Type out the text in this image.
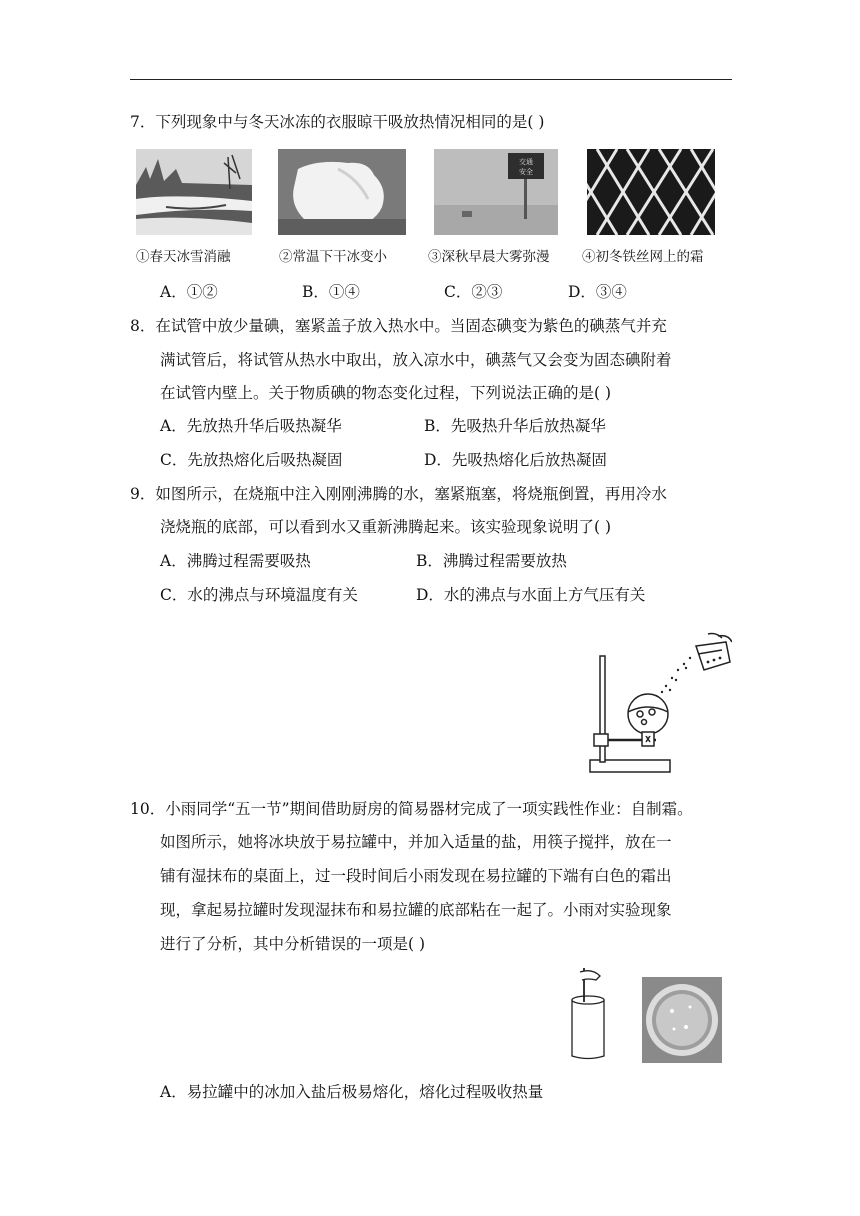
7．下列现象中与冬天冰冻的衣服晾干吸放热情况相同的是( )
交通
安全
①春天冰雪消融	②常温下干冰变小	③深秋早晨大雾弥漫 ④初冬铁丝网上的霜
A．①②	B．①④	C．②③	D．③④
8．在试管中放少量碘，塞紧盖子放入热水中。当固态碘变为紫色的碘蒸气并充
满试管后，将试管从热水中取出，放入凉水中，碘蒸气又会变为固态碘附着
在试管内壁上。关于物质碘的物态变化过程，下列说法正确的是( )
A．先放热升华后吸热凝华	B．先吸热升华后放热凝华
C．先放热熔化后吸热凝固	D．先吸热熔化后放热凝固
9．如图所示，在烧瓶中注入刚刚沸腾的水，塞紧瓶塞，将烧瓶倒置，再用冷水
浇烧瓶的底部，可以看到水又重新沸腾起来。该实验现象说明了( )
A．沸腾过程需要吸热	B．沸腾过程需要放热
C．水的沸点与环境温度有关	D．水的沸点与水面上方气压有关
10．小雨同学“五一节”期间借助厨房的简易器材完成了一项实践性作业：自制霜。
如图所示，她将冰块放于易拉罐中，并加入适量的盐，用筷子搅拌，放在一
铺有湿抹布的桌面上，过一段时间后小雨发现在易拉罐的下端有白色的霜出
现，拿起易拉罐时发现湿抹布和易拉罐的底部粘在一起了。小雨对实验现象
进行了分析，其中分析错误的一项是( )
A．易拉罐中的冰加入盐后极易熔化，熔化过程吸收热量
